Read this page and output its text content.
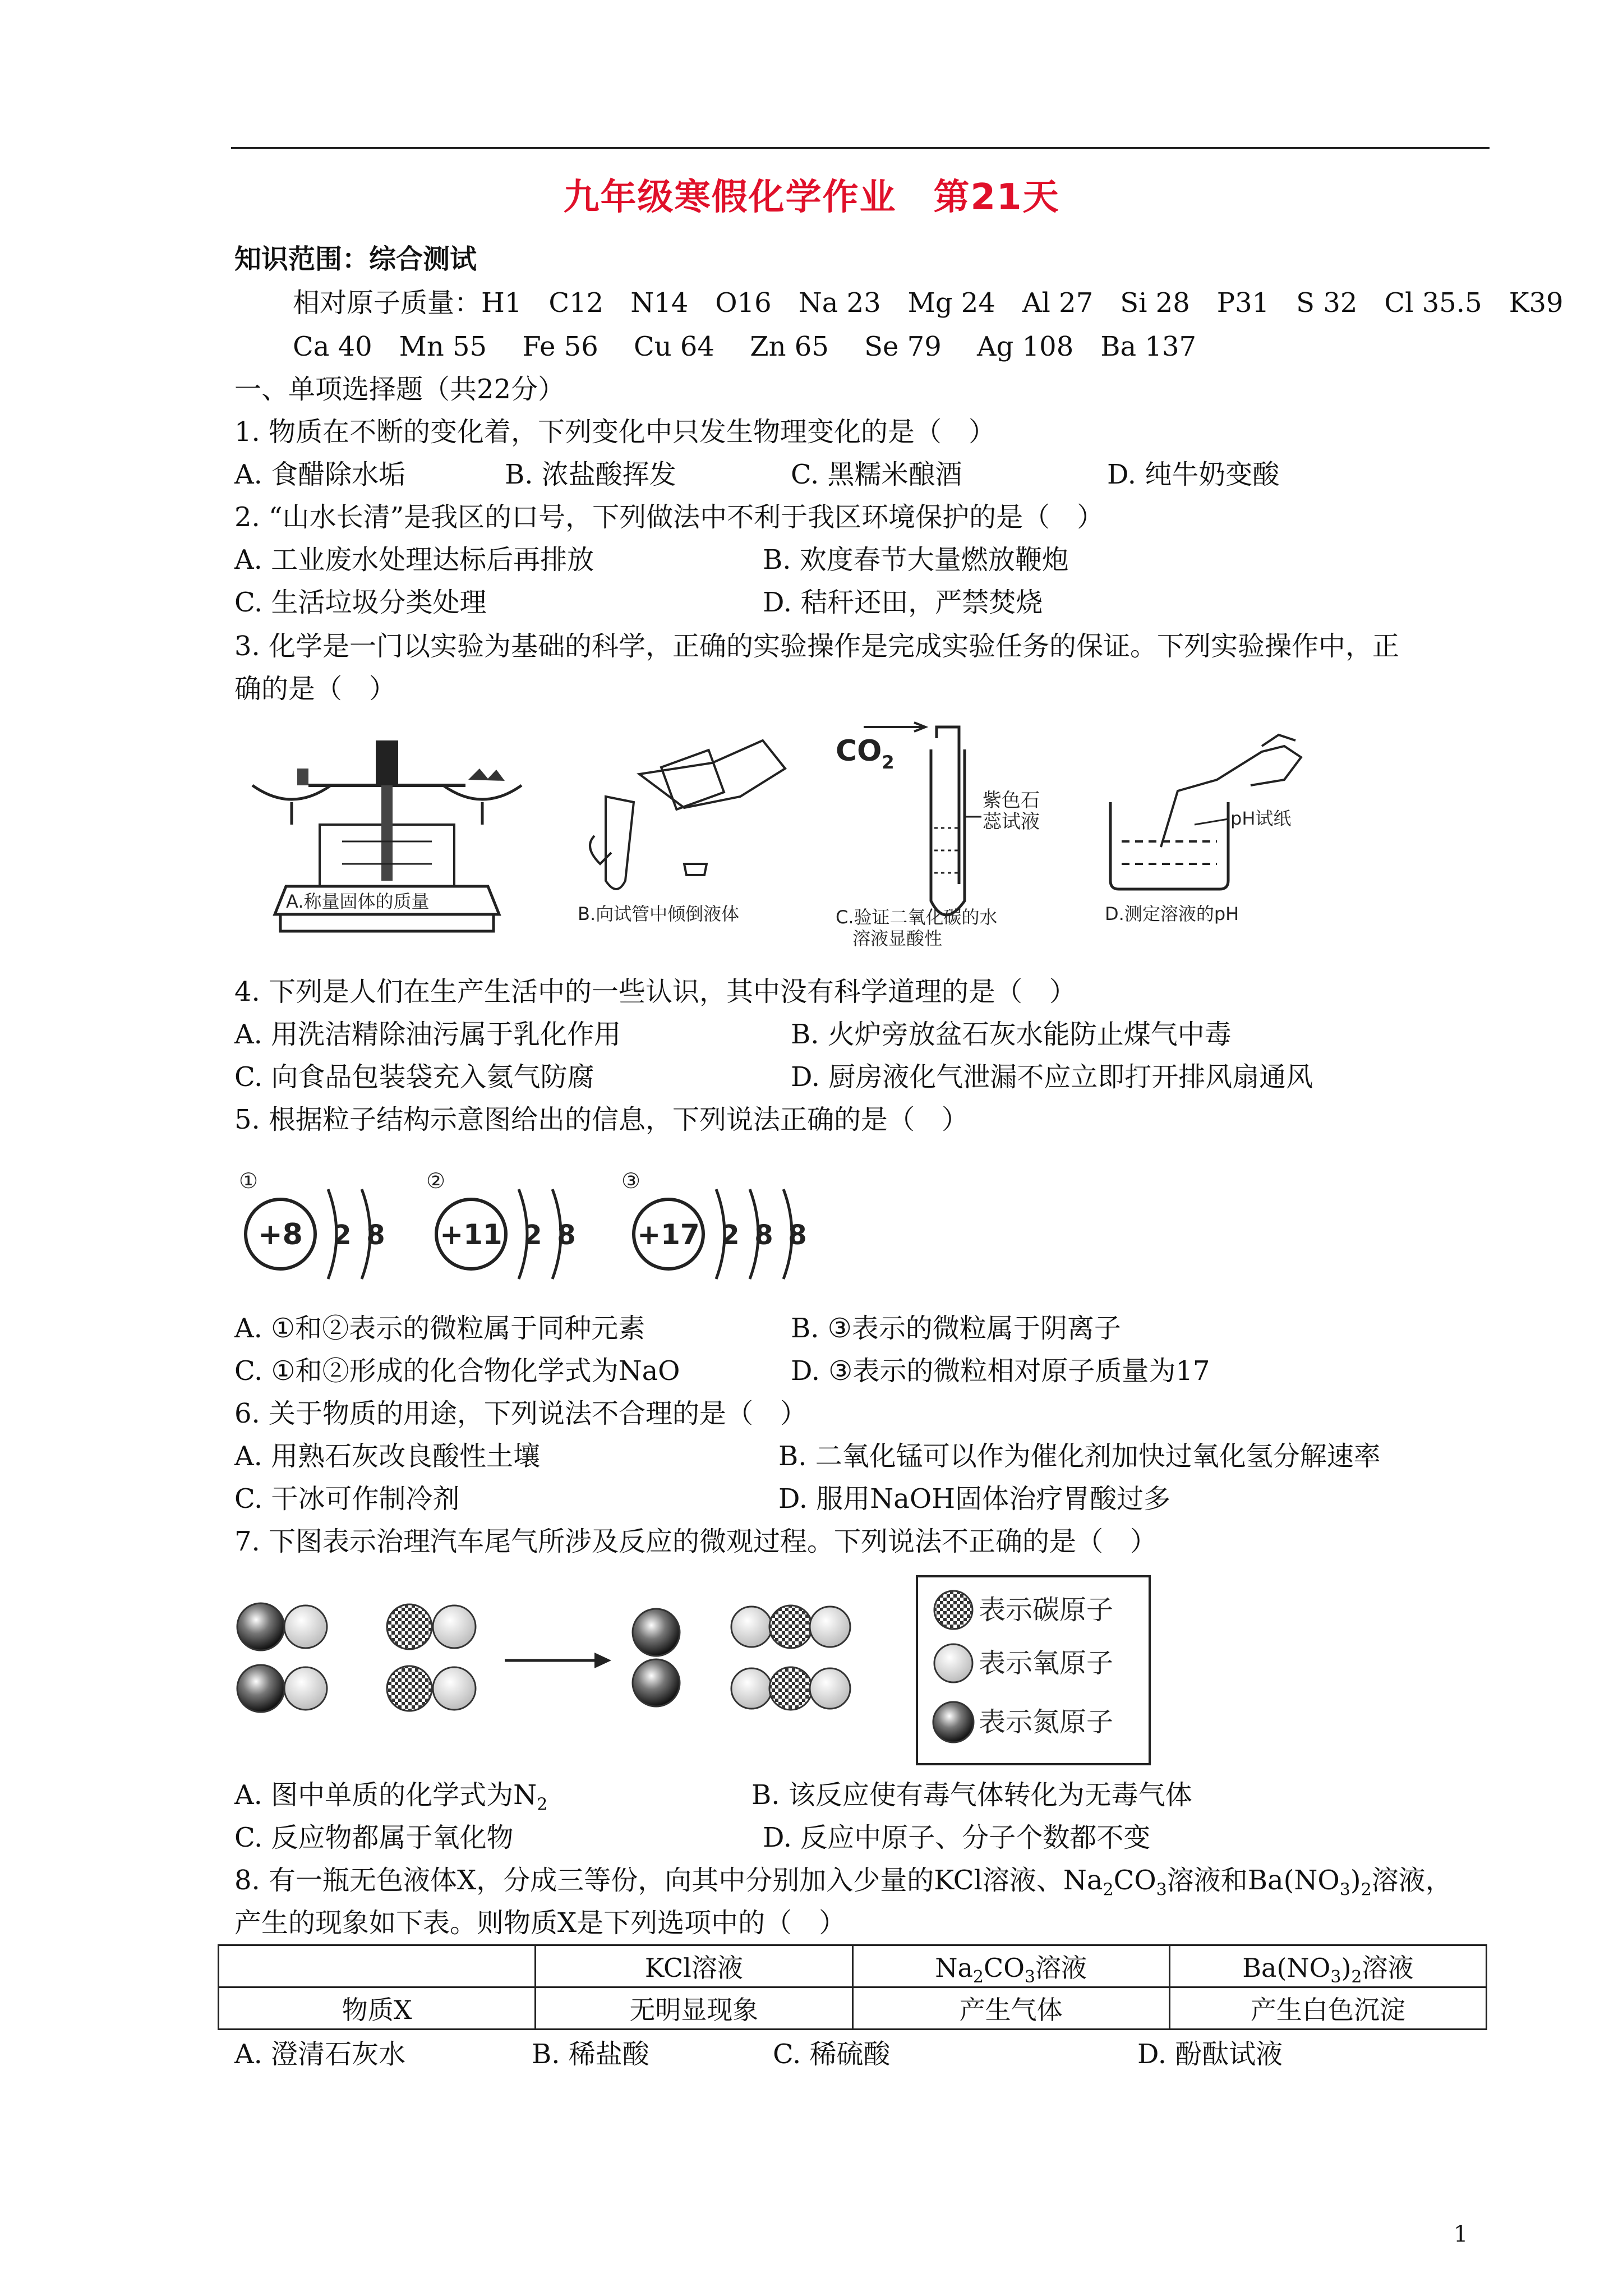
九年级寒假化学作业　第21天
知识范围：综合测试
相对原子质量：H1　C12　N14　O16　Na 23　Mg 24　Al 27　Si 28　P31　S 32　Cl 35.5　K39
Ca 40　Mn 55　 Fe 56　 Cu 64　 Zn 65　 Se 79　 Ag 108　Ba 137
一、单项选择题（共22分）
1. 物质在不断的变化着，下列变化中只发生物理变化的是（　）
A. 食醋除水垢	B. 浓盐酸挥发	C. 黑糯米酿酒	D. 纯牛奶变酸
2. “山水长清”是我区的口号，下列做法中不利于我区环境保护的是（　）
A. 工业废水处理达标后再排放	B. 欢度春节大量燃放鞭炮
C. 生活垃圾分类处理	D. 秸秆还田，严禁焚烧
3. 化学是一门以实验为基础的科学，正确的实验操作是完成实验任务的保证。下列实验操作中，正
确的是（　）
A.称量固体的质量
B.向试管中倾倒液体
$CO_2$
紫色石
蕊试液
C.验证二氧化碳的水
溶液显酸性
pH试纸
D.测定溶液的pH
4. 下列是人们在生产生活中的一些认识，其中没有科学道理的是（　）
A. 用洗洁精除油污属于乳化作用	B. 火炉旁放盆石灰水能防止煤气中毒
C. 向食品包装袋充入氦气防腐	D. 厨房液化气泄漏不应立即打开排风扇通风
5. 根据粒子结构示意图给出的信息，下列说法正确的是（　）
①
+8 2 8
②
+11 2 8
③
+17 2 8 8
A. ①和②表示的微粒属于同种元素	B. ③表示的微粒属于阴离子
C. ①和②形成的化合物化学式为NaO	D. ③表示的微粒相对原子质量为17
6. 关于物质的用途，下列说法不合理的是（　）
A. 用熟石灰改良酸性土壤	B. 二氧化锰可以作为催化剂加快过氧化氢分解速率
C. 干冰可作制冷剂	D. 服用NaOH固体治疗胃酸过多
7. 下图表示治理汽车尾气所涉及反应的微观过程。下列说法不正确的是（　）
表示碳原子
表示氧原子
表示氮原子
A. 图中单质的化学式为$N_2$	B. 该反应使有毒气体转化为无毒气体
C. 反应物都属于氧化物	D. 反应中原子、分子个数都不变
8. 有一瓶无色液体X，分成三等份，向其中分别加入少量的KCl溶液、$Na_2CO_3$溶液和$Ba(NO_3)_2$溶液，
产生的现象如下表。则物质X是下列选项中的（　）
	KCl溶液	$Na_2CO_3$溶液	$Ba(NO_3)_2$溶液
物质X	无明显现象	产生气体	产生白色沉淀
A. 澄清石灰水	B. 稀盐酸	C. 稀硫酸	D. 酚酞试液
1
